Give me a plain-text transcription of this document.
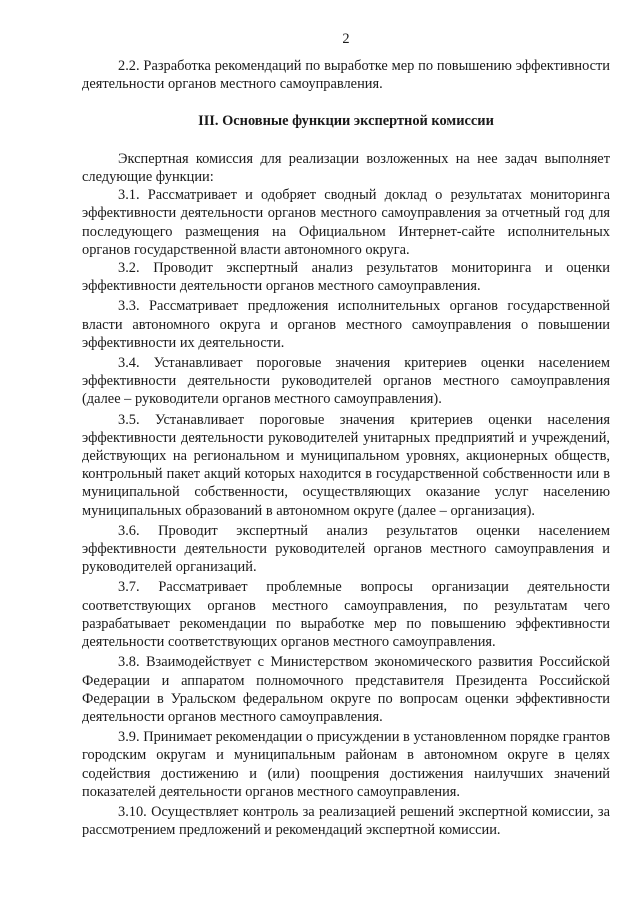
2

2.2. Разработка рекомендаций по выработке мер по повышению эффективности деятельности органов местного самоуправления.

III. Основные функции экспертной комиссии

Экспертная комиссия для реализации возложенных на нее задач выполняет следующие функции:

3.1. Рассматривает и одобряет сводный доклад о результатах мониторинга эффективности деятельности органов местного самоуправления за отчетный год для последующего размещения на Официальном Интернет-сайте исполнительных органов государственной власти автономного округа.

3.2. Проводит экспертный анализ результатов мониторинга и оценки эффективности деятельности органов местного самоуправления.

3.3. Рассматривает предложения исполнительных органов государственной власти автономного округа и органов местного самоуправления о повышении эффективности их деятельности.

3.4. Устанавливает пороговые значения критериев оценки населением эффективности деятельности руководителей органов местного самоуправления (далее – руководители органов местного самоуправления).

3.5. Устанавливает пороговые значения критериев оценки населения эффективности деятельности руководителей унитарных предприятий и учреждений, действующих на региональном и муниципальном уровнях, акционерных обществ, контрольный пакет акций которых находится в государственной собственности или в муниципальной собственности, осуществляющих оказание услуг населению муниципальных образований в автономном округе (далее – организация).

3.6. Проводит экспертный анализ результатов оценки населением эффективности деятельности руководителей органов местного самоуправления и руководителей организаций.

3.7. Рассматривает проблемные вопросы организации деятельности соответствующих органов местного самоуправления, по результатам чего разрабатывает рекомендации по выработке мер по повышению эффективности деятельности соответствующих органов местного самоуправления.

3.8. Взаимодействует с Министерством экономического развития Российской Федерации и аппаратом полномочного представителя Президента Российской Федерации в Уральском федеральном округе по вопросам оценки эффективности деятельности органов местного самоуправления.

3.9. Принимает рекомендации о присуждении в установленном порядке грантов городским округам и муниципальным районам в автономном округе в целях содействия достижению и (или) поощрения достижения наилучших значений показателей деятельности органов местного самоуправления.

3.10. Осуществляет контроль за реализацией решений экспертной комиссии, за рассмотрением предложений и рекомендаций экспертной комиссии.
